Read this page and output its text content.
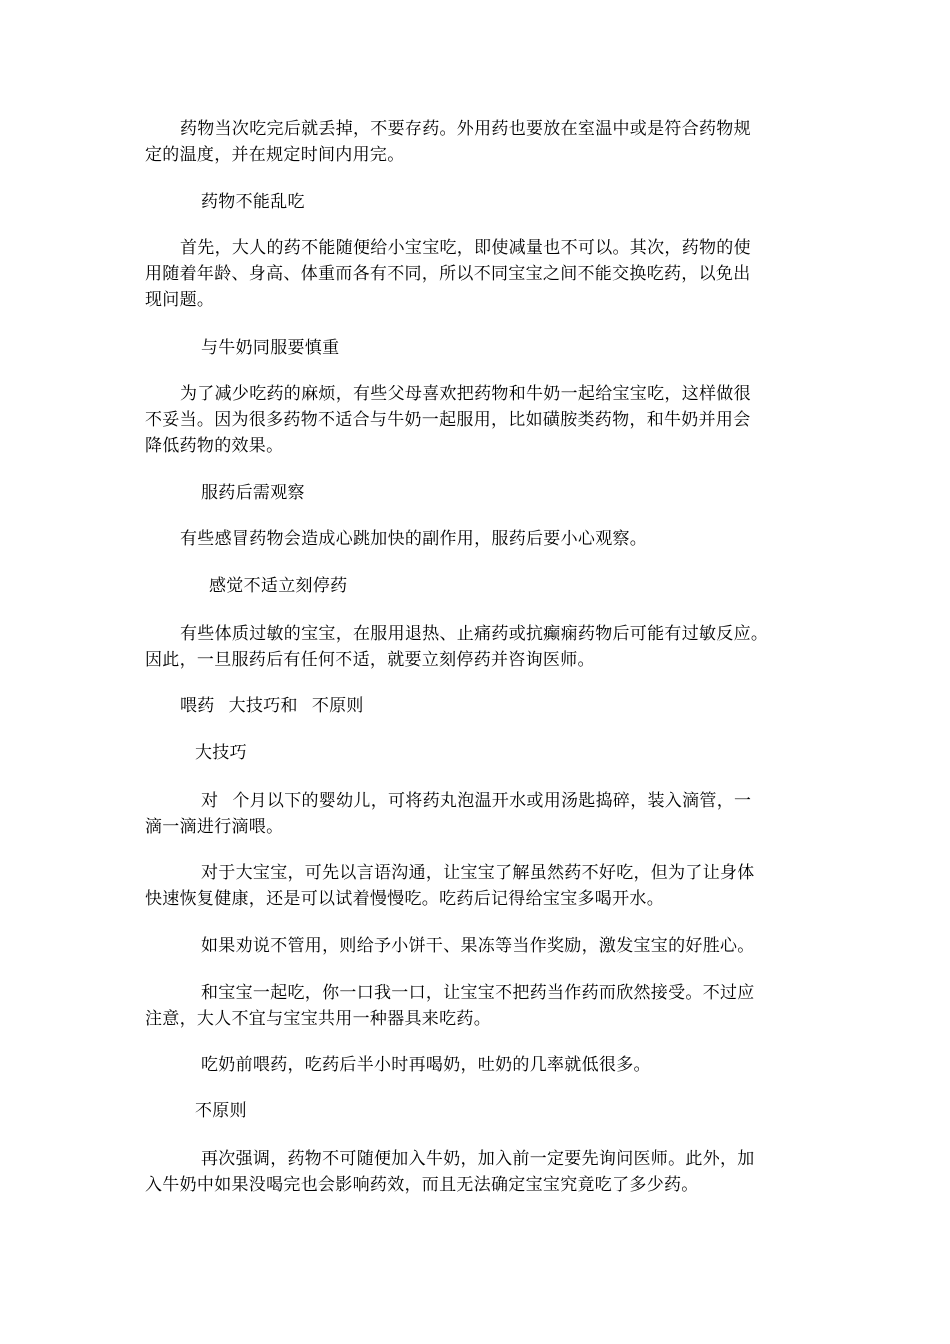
药物当次吃完后就丢掉，不要存药。外用药也要放在室温中或是符合药物规
定的温度，并在规定时间内用完。
药物不能乱吃
首先，大人的药不能随便给小宝宝吃，即使减量也不可以。其次，药物的使
用随着年龄、身高、体重而各有不同，所以不同宝宝之间不能交换吃药，以免出
现问题。
与牛奶同服要慎重
为了减少吃药的麻烦，有些父母喜欢把药物和牛奶一起给宝宝吃，这样做很
不妥当。因为很多药物不适合与牛奶一起服用，比如磺胺类药物，和牛奶并用会
降低药物的效果。
服药后需观察
有些感冒药物会造成心跳加快的副作用，服药后要小心观察。
感觉不适立刻停药
有些体质过敏的宝宝，在服用退热、止痛药或抗癫痫药物后可能有过敏反应。
因此，一旦服药后有任何不适，就要立刻停药并咨询医师。
喂药 大技巧和 不原则
大技巧
对 个月以下的婴幼儿，可将药丸泡温开水或用汤匙捣碎，装入滴管，一
滴一滴进行滴喂。
对于大宝宝，可先以言语沟通，让宝宝了解虽然药不好吃，但为了让身体
快速恢复健康，还是可以试着慢慢吃。吃药后记得给宝宝多喝开水。
如果劝说不管用，则给予小饼干、果冻等当作奖励，激发宝宝的好胜心。
和宝宝一起吃，你一口我一口，让宝宝不把药当作药而欣然接受。不过应
注意，大人不宜与宝宝共用一种器具来吃药。
吃奶前喂药，吃药后半小时再喝奶，吐奶的几率就低很多。
不原则
再次强调，药物不可随便加入牛奶，加入前一定要先询问医师。此外，加
入牛奶中如果没喝完也会影响药效，而且无法确定宝宝究竟吃了多少药。
